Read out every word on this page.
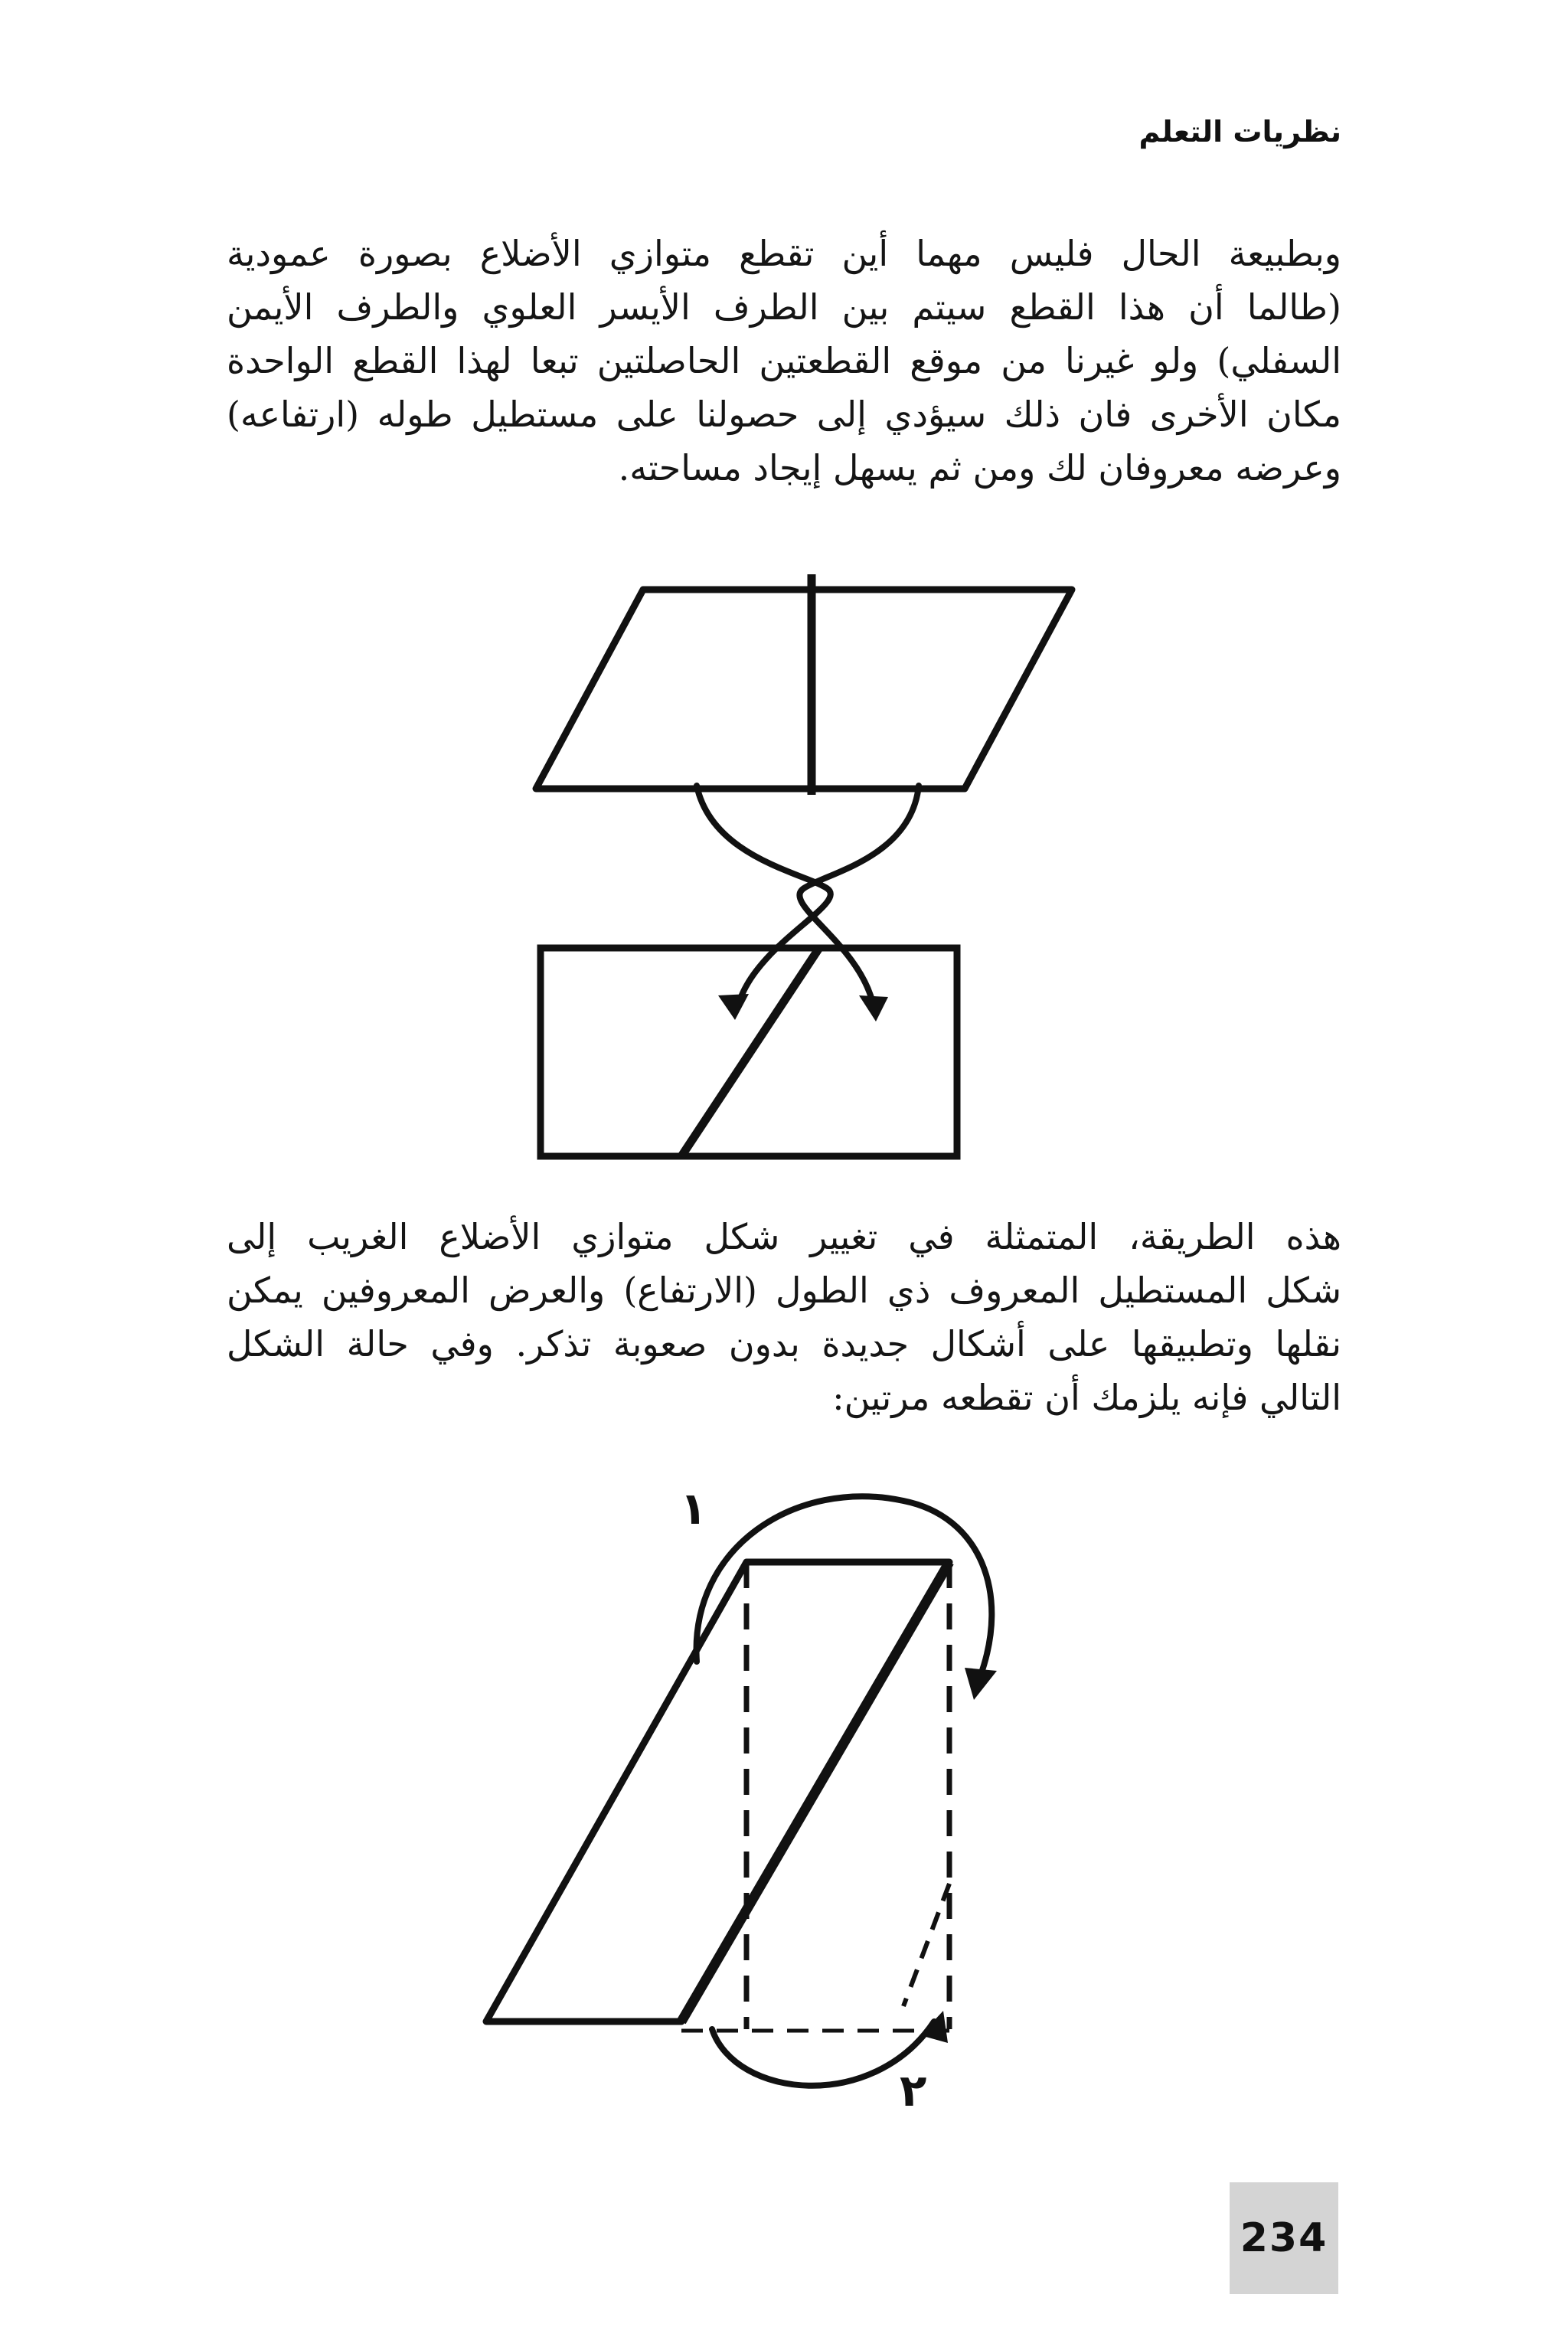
نظريات التعلم
وبطبيعة الحال فليس مهما أين تقطع متوازي الأضلاع بصورة عمودية
(طالما أن هذا القطع سيتم بين الطرف الأيسر العلوي والطرف الأيمن
السفلي) ولو غيرنا من موقع القطعتين الحاصلتين تبعا لهذا القطع الواحدة
مكان الأخرى فان ذلك سيؤدي إلى حصولنا على مستطيل طوله (ارتفاعه)
وعرضه معروفان لك ومن ثم يسهل إيجاد مساحته.
هذه الطريقة، المتمثلة في تغيير شكل متوازي الأضلاع الغريب إلى
شكل المستطيل المعروف ذي الطول (الارتفاع) والعرض المعروفين يمكن
نقلها وتطبيقها على أشكال جديدة بدون صعوبة تذكر. وفي حالة الشكل
التالي فإنه يلزمك أن تقطعه مرتين:
١
٢
234
